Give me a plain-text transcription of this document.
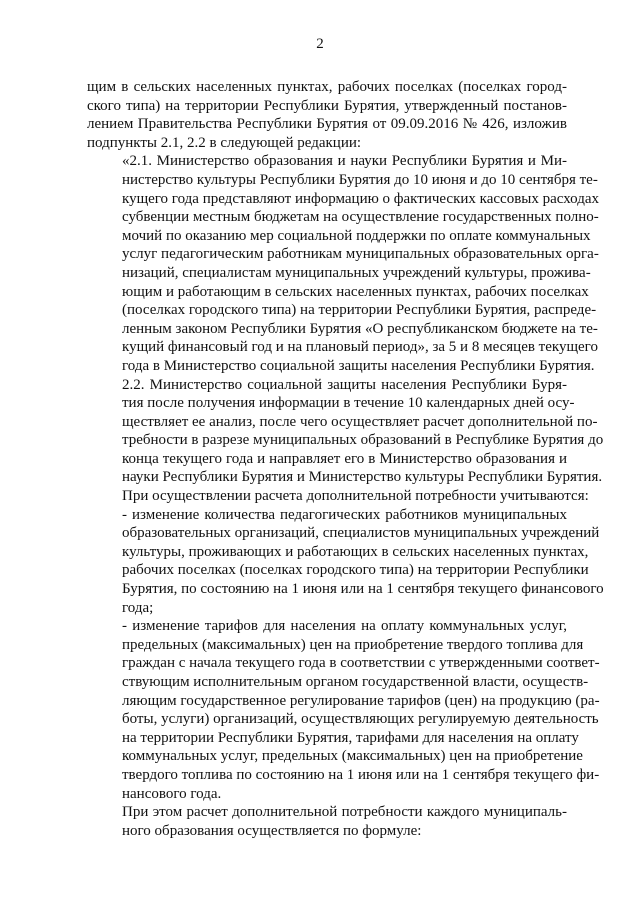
2
щим в сельских населенных пунктах, рабочих поселках (поселках город-
ского типа) на территории Республики Бурятия, утвержденный постанов-
лением Правительства Республики Бурятия от 09.09.2016 № 426, изложив
подпункты 2.1, 2.2 в следующей редакции:
«2.1. Министерство образования и науки Республики Бурятия и Ми-
нистерство культуры Республики Бурятия до 10 июня и до 10 сентября те-
кущего года представляют информацию о фактических кассовых расходах
субвенции местным бюджетам на осуществление государственных полно-
мочий по оказанию мер социальной поддержки по оплате коммунальных
услуг педагогическим работникам муниципальных образовательных орга-
низаций, специалистам муниципальных учреждений культуры, прожива-
ющим и работающим в сельских населенных пунктах, рабочих поселках
(поселках городского типа) на территории Республики Бурятия, распреде-
ленным законом Республики Бурятия «О республиканском бюджете на те-
кущий финансовый год и на плановый период», за 5 и 8 месяцев текущего
года в Министерство социальной защиты населения Республики Бурятия.
2.2. Министерство социальной защиты населения Республики Буря-
тия после получения информации в течение 10 календарных дней осу-
ществляет ее анализ, после чего осуществляет расчет дополнительной по-
требности в разрезе муниципальных образований в Республике Бурятия до
конца текущего года и направляет его в Министерство образования и
науки Республики Бурятия и Министерство культуры Республики Бурятия.
При осуществлении расчета дополнительной потребности учитываются:
- изменение количества педагогических работников муниципальных
образовательных организаций, специалистов муниципальных учреждений
культуры, проживающих и работающих в сельских населенных пунктах,
рабочих поселках (поселках городского типа) на территории Республики
Бурятия, по состоянию на 1 июня или на 1 сентября текущего финансового
года;
- изменение тарифов для населения на оплату коммунальных услуг,
предельных (максимальных) цен на приобретение твердого топлива для
граждан с начала текущего года в соответствии с утвержденными соответ-
ствующим исполнительным органом государственной власти, осуществ-
ляющим государственное регулирование тарифов (цен) на продукцию (ра-
боты, услуги) организаций, осуществляющих регулируемую деятельность
на территории Республики Бурятия, тарифами для населения на оплату
коммунальных услуг, предельных (максимальных) цен на приобретение
твердого топлива по состоянию на 1 июня или на 1 сентября текущего фи-
нансового года.
При этом расчет дополнительной потребности каждого муниципаль-
ного образования осуществляется по формуле:
